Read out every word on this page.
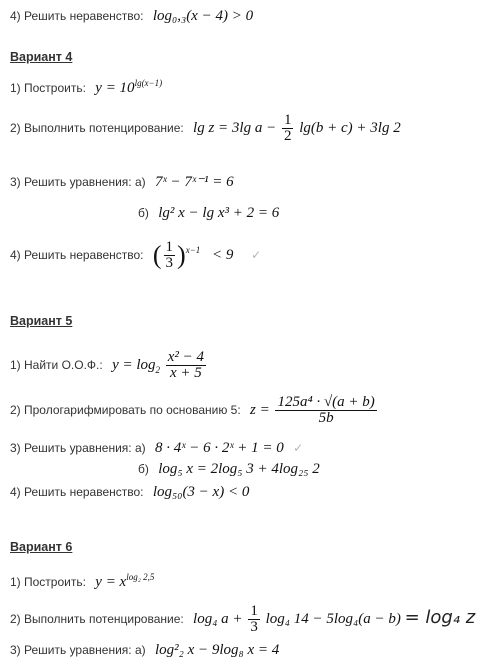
4) Решить неравенство: log₀,₃(x − 4) > 0
Вариант 4
1) Построить: $y = 10^{lg(x-1)}$
2) Выполнить потенцирование: lg z = 3lg $a - \frac{1}{2} \lg(b + c) + 3\lg$ 2
3) Решить уравнения: а) 7ˣ − 7ˣ⁻¹ = 6
б) lg² x − lg x³ + 2 = 6
4) Решить неравенство: ( $\frac{1}{3} )^{x-1} < 9$ ✓
Вариант 5
1) Найти О.О.Ф.: $y = \log_2 \frac{\text{x² − 4}}{x + 5}$
2) Прологарифмировать по основанию 5: $z = \frac{\text{125a⁴ · √(a + b)}}{5b}$
3) Решить уравнения: а) 8 · 4ˣ − 6 · 2ˣ + 1 = 0 ✓
б) log₅ x = 2log₅ 3 + 4log₂₅ 2
4) Решить неравенство: log₅₀(3 − x) < 0
Вариант 6
1) Построить: $y = x^{log_2 2,5}$
2) Выполнить потенцирование: log₄ $a + \frac{1}{3} \log_4$ 14 − 5log₄(a − b) = log₄ z
3) Решить уравнения: а) log²₂ x − 9log₈ x = 4
